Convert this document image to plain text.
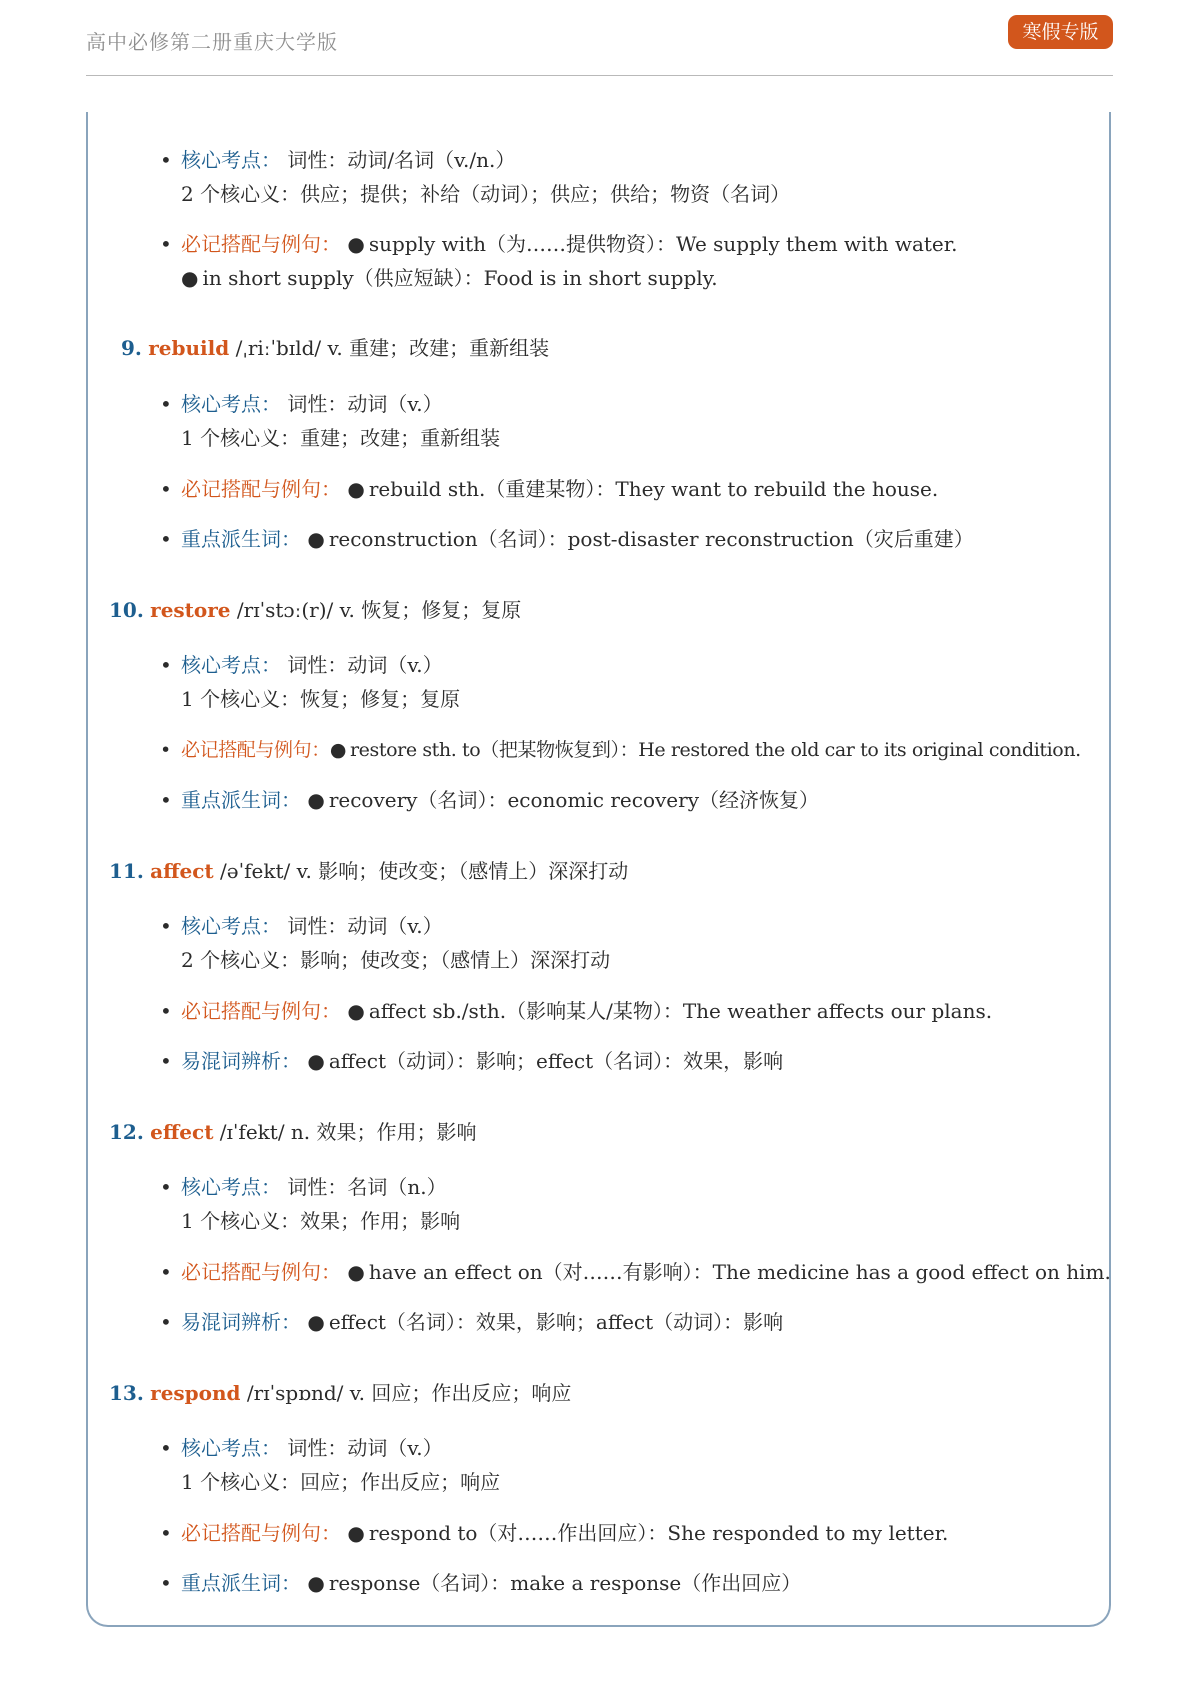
高中必修第二册重庆大学版	寒假专版
• 核心考点： 词性：动词/名词（v./n.）
2 个核心义：供应；提供；补给（动词）；供应；供给；物资（名词）
• 必记搭配与例句： ● supply with（为……提供物资）：We supply them with water.
● in short supply（供应短缺）：Food is in short supply.
9. rebuild /ˌriːˈbɪld/ v. 重建；改建；重新组装
• 核心考点： 词性：动词（v.）
1 个核心义：重建；改建；重新组装
• 必记搭配与例句： ● rebuild sth.（重建某物）：They want to rebuild the house.
• 重点派生词： ● reconstruction（名词）：post-disaster reconstruction（灾后重建）
10. restore /rɪˈstɔː(r)/ v. 恢复；修复；复原
• 核心考点： 词性：动词（v.）
1 个核心义：恢复；修复；复原
• 必记搭配与例句：● restore sth. to（把某物恢复到）：He restored the old car to its original condition.
• 重点派生词： ● recovery（名词）：economic recovery（经济恢复）
11. affect /əˈfekt/ v. 影响；使改变；（感情上）深深打动
• 核心考点： 词性：动词（v.）
2 个核心义：影响；使改变；（感情上）深深打动
• 必记搭配与例句： ● affect sb./sth.（影响某人/某物）：The weather affects our plans.
• 易混词辨析： ● affect（动词）：影响；effect（名词）：效果，影响
12. effect /ɪˈfekt/ n. 效果；作用；影响
• 核心考点： 词性：名词（n.）
1 个核心义：效果；作用；影响
• 必记搭配与例句： ● have an effect on（对……有影响）：The medicine has a good effect on him.
• 易混词辨析： ● effect（名词）：效果，影响；affect（动词）：影响
13. respond /rɪˈspɒnd/ v. 回应；作出反应；响应
• 核心考点： 词性：动词（v.）
1 个核心义：回应；作出反应；响应
• 必记搭配与例句： ● respond to（对……作出回应）：She responded to my letter.
• 重点派生词： ● response（名词）：make a response（作出回应）
